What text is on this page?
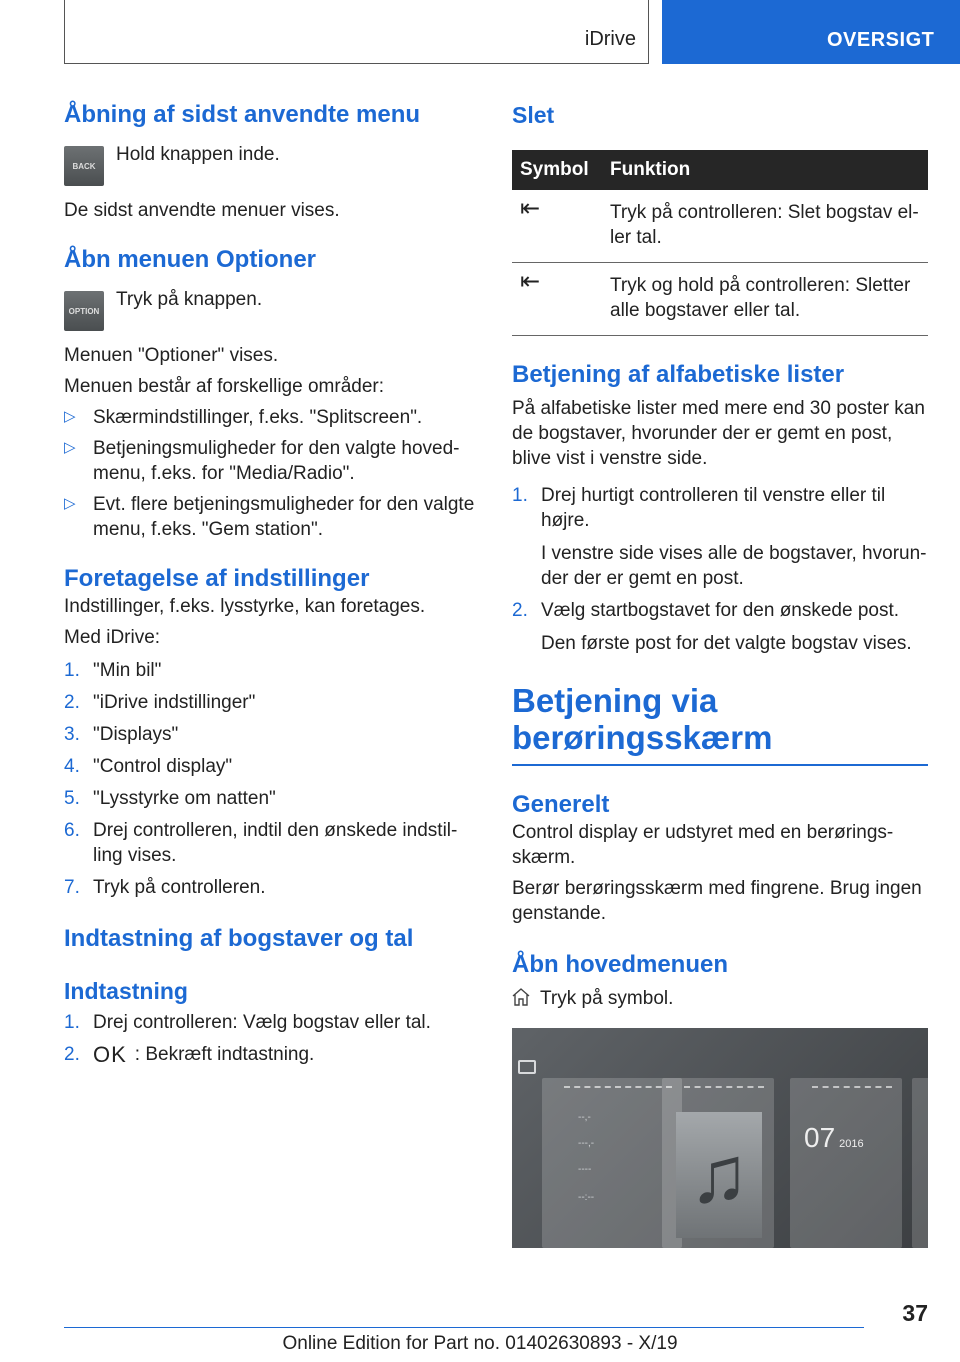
iDrive	OVERSIGT
Åbning af sidst anvendte menu
BACK
Hold knappen inde.

De sidst anvendte menuer vises.

Åbn menuen Optioner
OPTION
Tryk på knappen.

Menuen "Optioner" vises.

Menuen består af forskellige områder:

▷ Skærmindstillinger, f.eks. "Splitscreen".
▷ Betjeningsmuligheder for den valgte hoved-menu, f.eks. for "Media/Radio".
▷ Evt. flere betjeningsmuligheder for den valgte menu, f.eks. "Gem station".
Foretagelse af indstillinger

Indstillinger, f.eks. lysstyrke, kan foretages.

Med iDrive:

1. "Min bil"
2. "iDrive indstillinger"
3. "Displays"
4. "Control display"
5. "Lysstyrke om natten"
6. Drej controlleren, indtil den ønskede indstil-ling vises.
7. Tryk på controlleren.
Indtastning af bogstaver og tal
Indtastning
1. Drej controlleren: Vælg bogstav eller tal.
2. OK : Bekræft indtastning.
Slet
Symbol	Funktion
⇤	Tryk på controlleren: Slet bogstav el-ler tal.
⇤	Tryk og hold på controlleren: Sletter alle bogstaver eller tal.
Betjening af alfabetiske lister

På alfabetiske lister med mere end 30 poster kan de bogstaver, hvorunder der er gemt en post, blive vist i venstre side.

1. Drej hurtigt controlleren til venstre eller til højre.

I venstre side vises alle de bogstaver, hvorun-der der er gemt en post.

2. Vælg startbogstavet for den ønskede post.

Den første post for det valgte bogstav vises.

Betjening via berøringsskærm
Generelt

Control display er udstyret med en berørings-skærm.

Berør berøringsskærm med fingrene. Brug ingen genstande.

Åbn hovedmenuen
Tryk på symbol.
--,-
---,-
----
--:-- ♫	07 2016
37
Online Edition for Part no. 01402630893 - X/19
